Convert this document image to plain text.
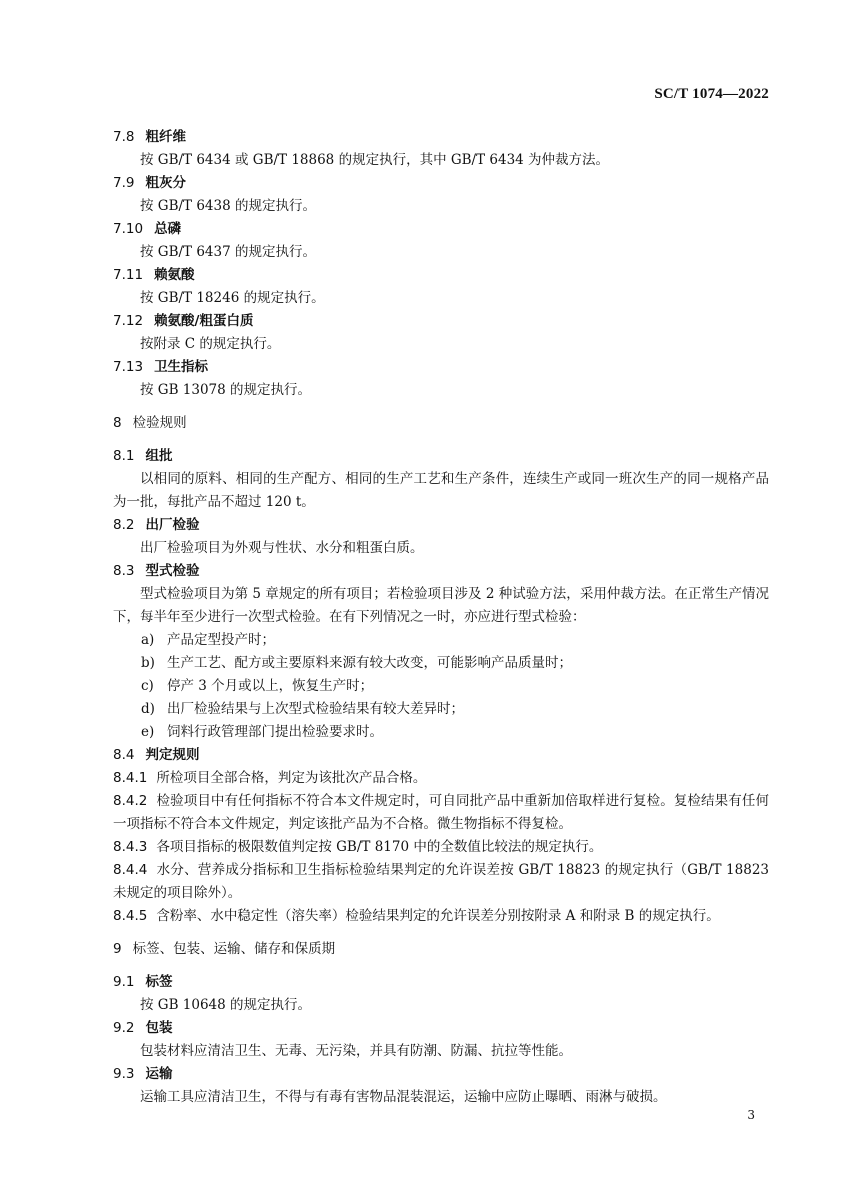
SC/T 1074—2022
7.8 粗纤维
按 GB/T 6434 或 GB/T 18868 的规定执行，其中 GB/T 6434 为仲裁方法。
7.9 粗灰分
按 GB/T 6438 的规定执行。
7.10 总磷
按 GB/T 6437 的规定执行。
7.11 赖氨酸
按 GB/T 18246 的规定执行。
7.12 赖氨酸/粗蛋白质
按附录 C 的规定执行。
7.13 卫生指标
按 GB 13078 的规定执行。
8 检验规则
8.1 组批
以相同的原料、相同的生产配方、相同的生产工艺和生产条件，连续生产或同一班次生产的同一规格产品为一批，每批产品不超过 120 t。
8.2 出厂检验
出厂检验项目为外观与性状、水分和粗蛋白质。
8.3 型式检验
型式检验项目为第 5 章规定的所有项目；若检验项目涉及 2 种试验方法，采用仲裁方法。在正常生产情况下，每半年至少进行一次型式检验。在有下列情况之一时，亦应进行型式检验：
a) 产品定型投产时；
b) 生产工艺、配方或主要原料来源有较大改变，可能影响产品质量时；
c) 停产 3 个月或以上，恢复生产时；
d) 出厂检验结果与上次型式检验结果有较大差异时；
e) 饲料行政管理部门提出检验要求时。
8.4 判定规则
8.4.1 所检项目全部合格，判定为该批次产品合格。
8.4.2 检验项目中有任何指标不符合本文件规定时，可自同批产品中重新加倍取样进行复检。复检结果有任何一项指标不符合本文件规定，判定该批产品为不合格。微生物指标不得复检。
8.4.3 各项目指标的极限数值判定按 GB/T 8170 中的全数值比较法的规定执行。
8.4.4 水分、营养成分指标和卫生指标检验结果判定的允许误差按 GB/T 18823 的规定执行（GB/T 18823 未规定的项目除外）。
8.4.5 含粉率、水中稳定性（溶失率）检验结果判定的允许误差分别按附录 A 和附录 B 的规定执行。
9 标签、包装、运输、储存和保质期
9.1 标签
按 GB 10648 的规定执行。
9.2 包装
包装材料应清洁卫生、无毒、无污染，并具有防潮、防漏、抗拉等性能。
9.3 运输
运输工具应清洁卫生，不得与有毒有害物品混装混运，运输中应防止曝晒、雨淋与破损。
3
